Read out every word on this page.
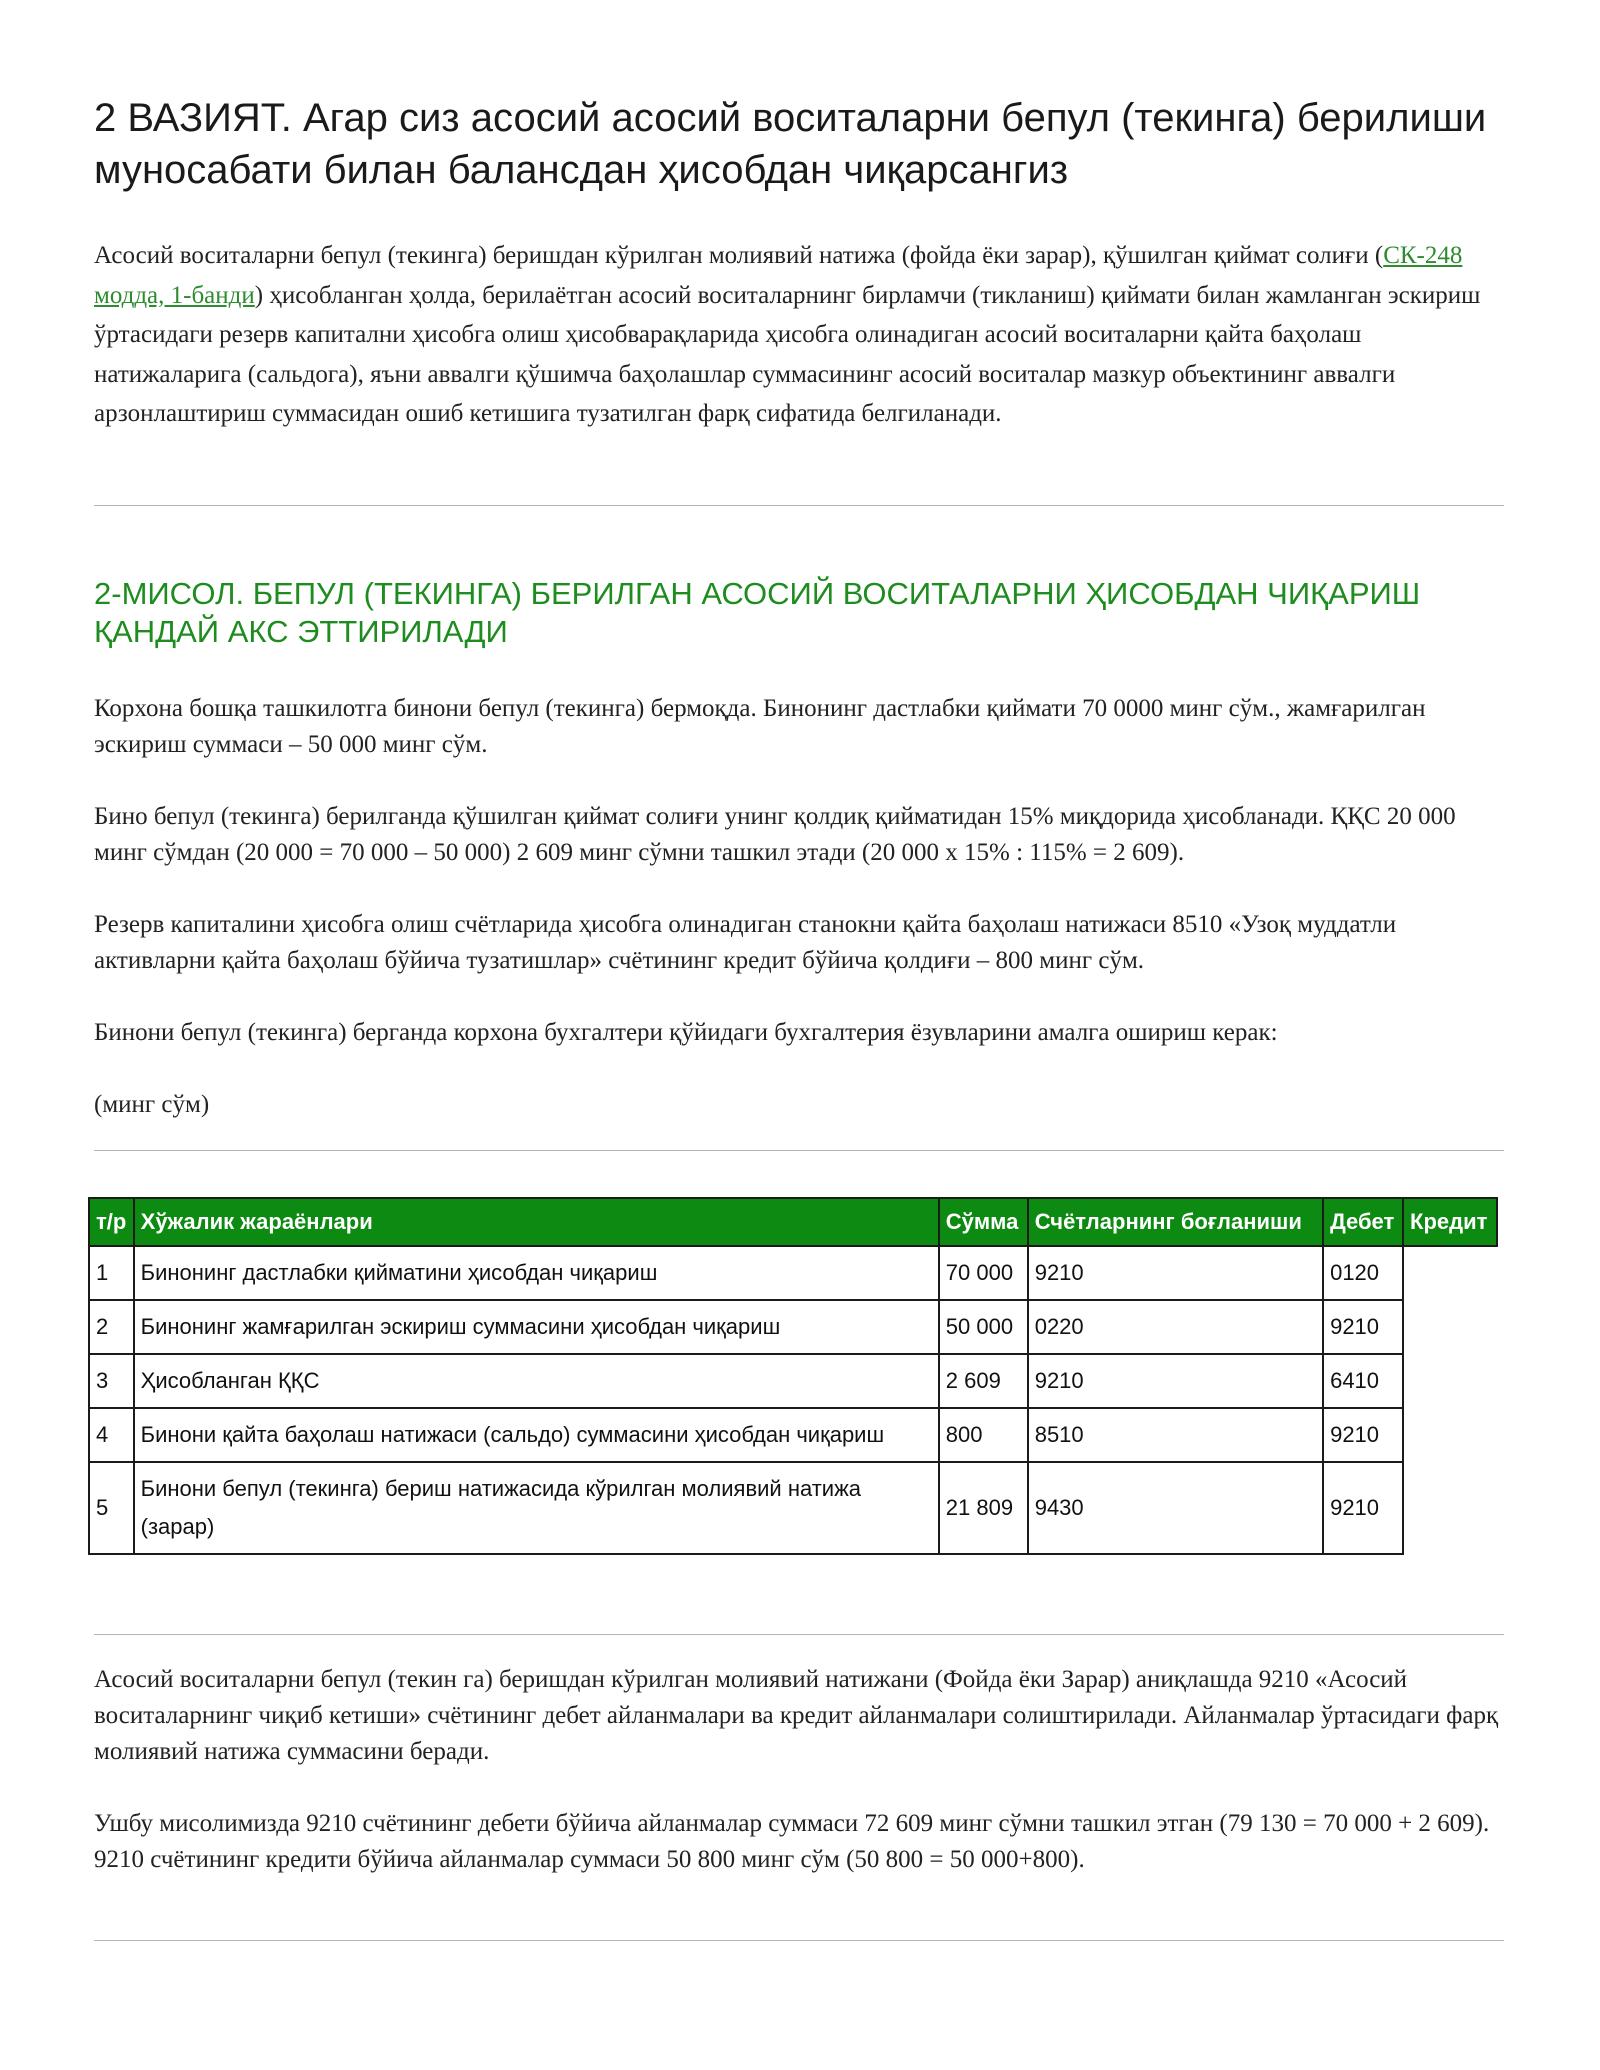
2 ВАЗИЯТ. Агар сиз асосий асосий воситаларни бепул (текинга) берилиши муносабати билан балансдан ҳисобдан чиқарсангиз

Асосий воситаларни бепул (текинга) беришдан кўрилган молиявий натижа (фойда ёки зарар), қўшилган қиймат солиғи (СК-248 модда, 1-банди) ҳисобланган ҳолда, берилаётган асосий воситаларнинг бирламчи (тикланиш) қиймати билан жамланган эскириш ўртасидаги резерв капитални ҳисобга олиш ҳисобварақларида ҳисобга олинадиган асосий воситаларни қайта баҳолаш натижаларига (сальдога), яъни аввалги қўшимча баҳолашлар суммасининг асосий воситалар мазкур объектининг аввалги арзонлаштириш суммасидан ошиб кетишига тузатилган фарқ сифатида белгиланади.

2-МИСОЛ. БЕПУЛ (ТЕКИНГА) БЕРИЛГАН АСОСИЙ ВОСИТАЛАРНИ ҲИСОБДАН ЧИҚАРИШ ҚАНДАЙ АКС ЭТТИРИЛАДИ

Корхона бошқа ташкилотга бинони бепул (текинга) бермоқда. Бинонинг дастлабки қиймати 70 0000 минг сўм., жамғарилган эскириш суммаси – 50 000 минг сўм.

Бино бепул (текинга) берилганда қўшилган қиймат солиғи унинг қолдиқ қийматидан 15% миқдорида ҳисобланади. ҚҚС 20 000 минг сўмдан (20 000 = 70 000 – 50 000) 2 609 минг сўмни ташкил этади (20 000 х 15% : 115% = 2 609).

Резерв капиталини ҳисобга олиш счётларида ҳисобга олинадиган станокни қайта баҳолаш натижаси 8510 «Узоқ муддатли активларни қайта баҳолаш бўйича тузатишлар» счётининг кредит бўйича қолдиғи – 800 минг сўм.

Бинони бепул (текинга) берганда корхона бухгалтери қўйидаги бухгалтерия ёзувларини амалга ошириш керак:

(минг сўм)

т/р	Хўжалик жараёнлари	Сўмма	Счётларнинг боғланиши	Дебет	Кредит
1	Бинонинг дастлабки қийматини ҳисобдан чиқариш	70 000	9210	0120	
2	Бинонинг жамғарилган эскириш суммасини ҳисобдан чиқариш	50 000	0220	9210	
3	Ҳисобланган ҚҚС	2 609	9210	6410	
4	Бинони қайта баҳолаш натижаси (сальдо) суммасини ҳисобдан чиқариш	800	8510	9210	
5	Бинони бепул (текинга) бериш натижасида кўрилган молиявий натижа (зарар)	21 809	9430	9210	

Асосий воситаларни бепул (текин га) беришдан кўрилган молиявий натижани (Фойда ёки Зарар) аниқлашда 9210 «Асосий воситаларнинг чиқиб кетиши» счётининг дебет айланмалари ва кредит айланмалари солиштирилади. Айланмалар ўртасидаги фарқ молиявий натижа суммасини беради.

Ушбу мисолимизда 9210 счётининг дебети бўйича айланмалар суммаси 72 609 минг сўмни ташкил этган (79 130 = 70 000 + 2 609). 9210 счётининг кредити бўйича айланмалар суммаси 50 800 минг сўм (50 800 = 50 000+800).
